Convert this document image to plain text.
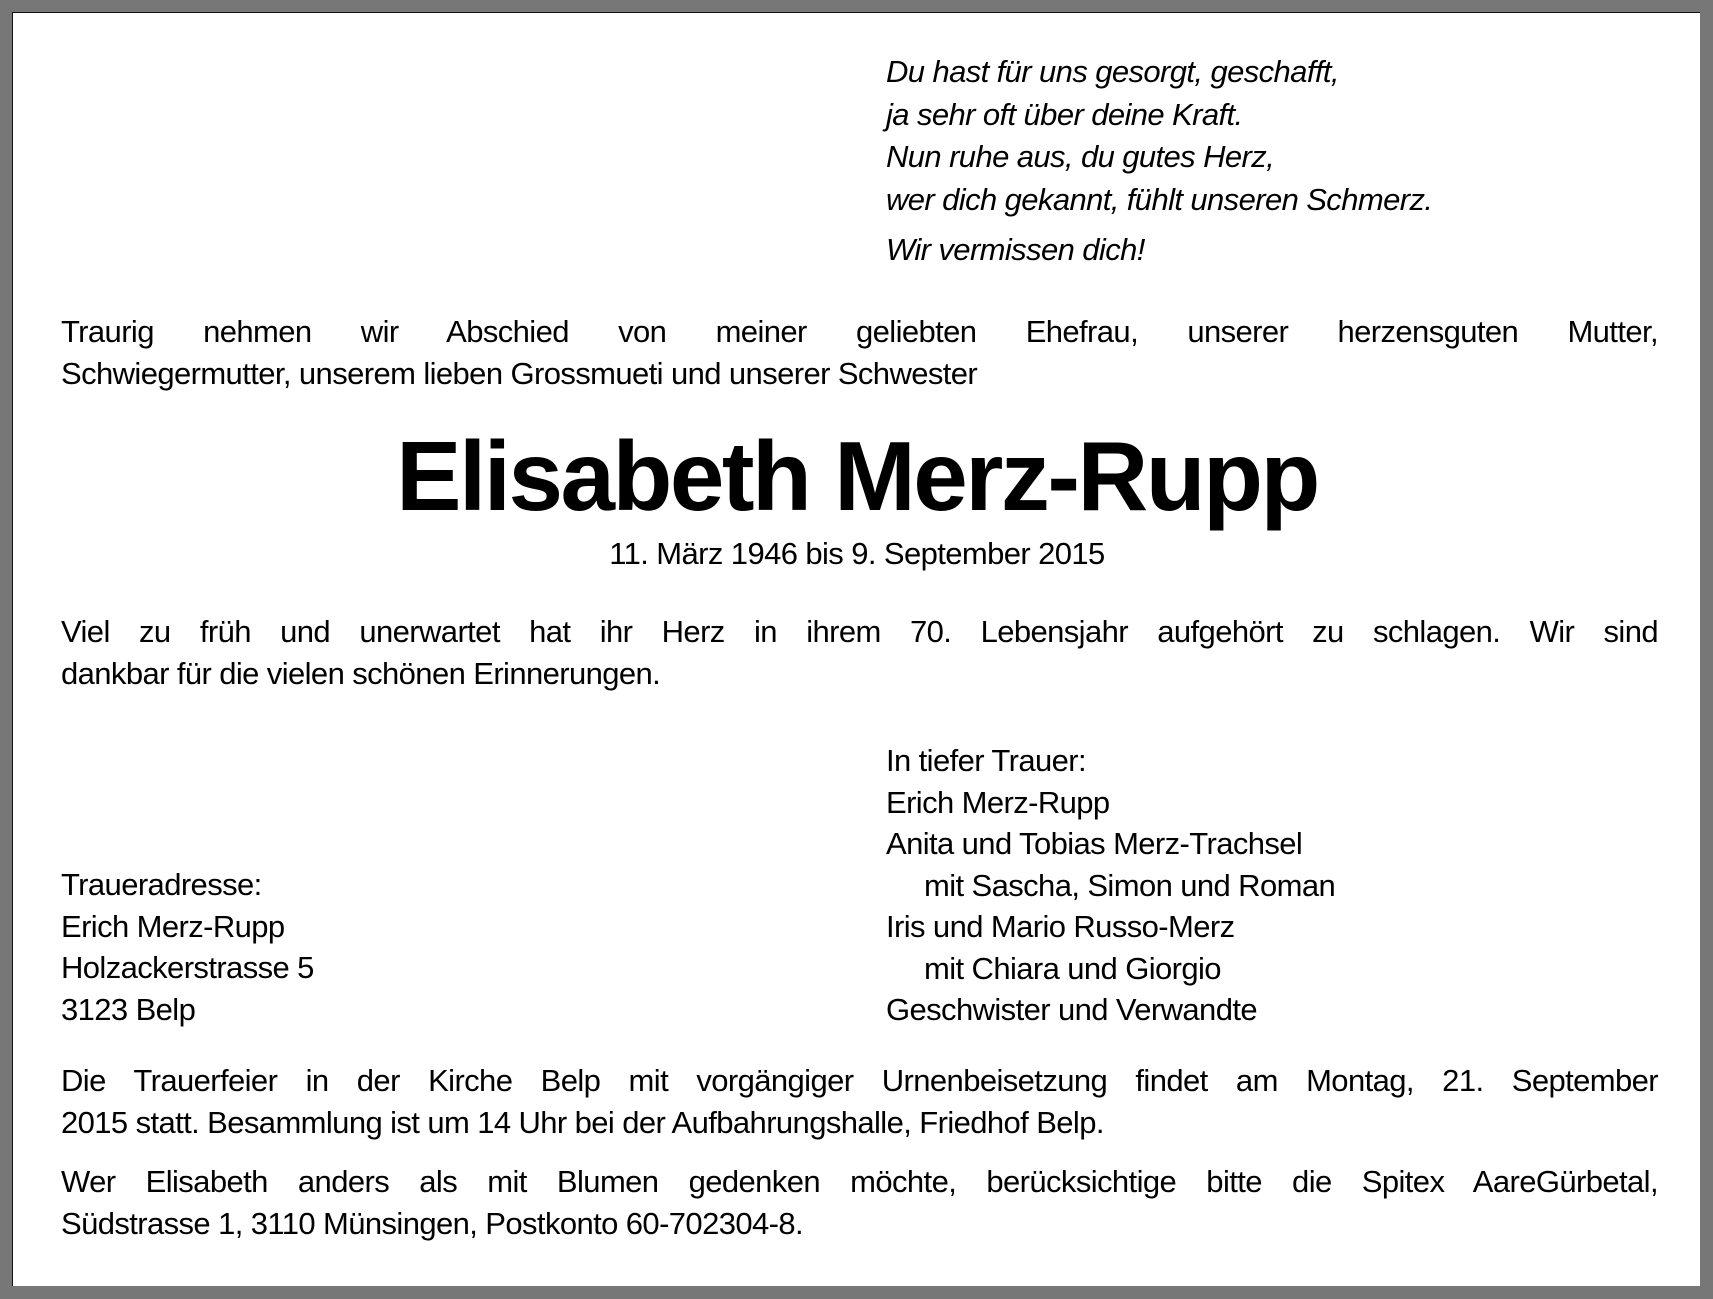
Du hast für uns gesorgt, geschafft,
ja sehr oft über deine Kraft.
Nun ruhe aus, du gutes Herz,
wer dich gekannt, fühlt unseren Schmerz.
Wir vermissen dich!
Traurig nehmen wir Abschied von meiner geliebten Ehefrau, unserer herzensguten Mutter,
Schwiegermutter, unserem lieben Grossmueti und unserer Schwester
Elisabeth Merz-Rupp
11. März 1946 bis 9. September 2015
Viel zu früh und unerwartet hat ihr Herz in ihrem 70. Lebensjahr aufgehört zu schlagen. Wir sind
dankbar für die vielen schönen Erinnerungen.
In tiefer Trauer:
Erich Merz-Rupp
Anita und Tobias Merz-Trachsel
mit Sascha, Simon und Roman
Iris und Mario Russo-Merz
mit Chiara und Giorgio
Geschwister und Verwandte
Traueradresse:
Erich Merz-Rupp
Holzackerstrasse 5
3123 Belp
Die Trauerfeier in der Kirche Belp mit vorgängiger Urnenbeisetzung findet am Montag, 21. September
2015 statt. Besammlung ist um 14 Uhr bei der Aufbahrungshalle, Friedhof Belp.
Wer Elisabeth anders als mit Blumen gedenken möchte, berücksichtige bitte die Spitex AareGürbetal,
Südstrasse 1, 3110 Münsingen, Postkonto 60-702304-8.
